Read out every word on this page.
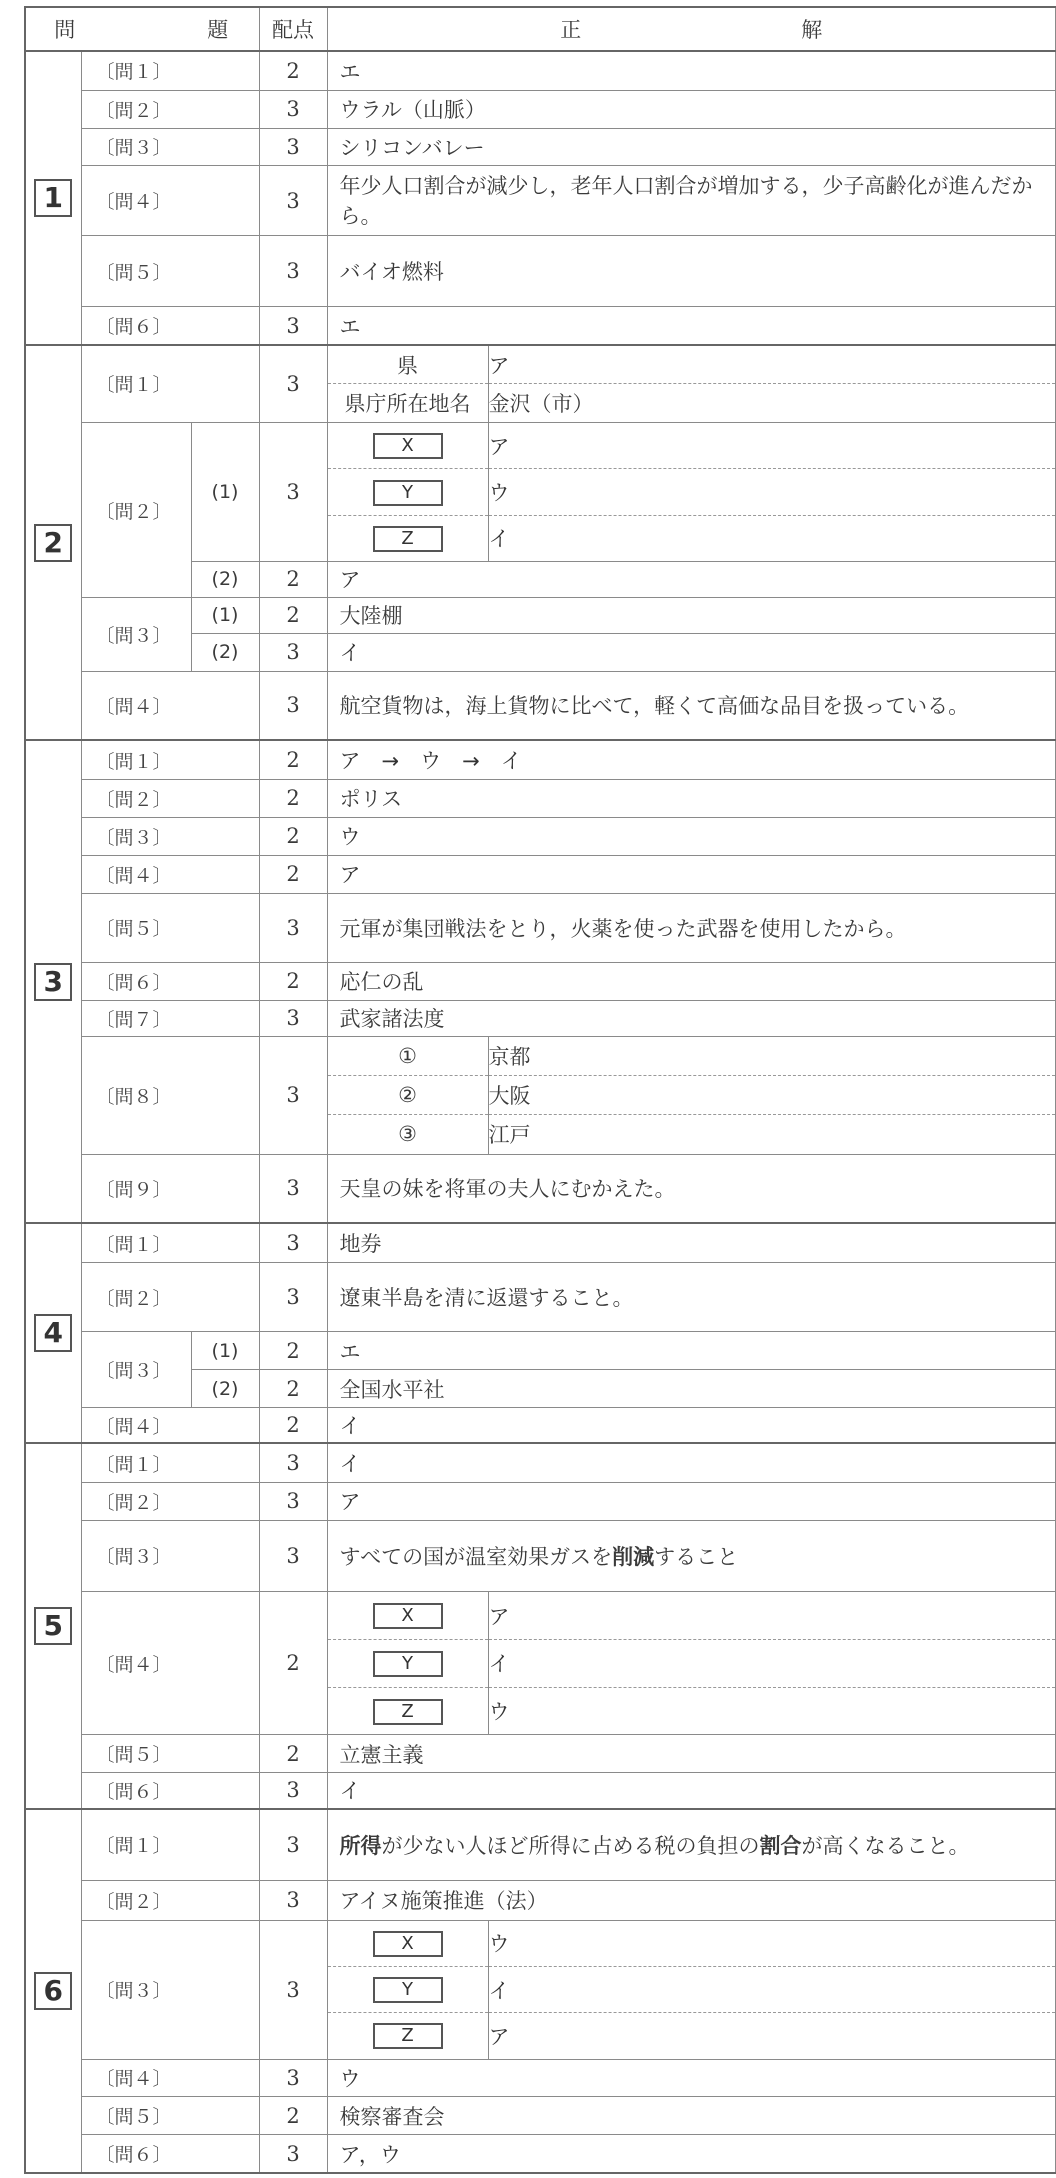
問	題	配点	正	解
1	〔問１〕	2	エ
〔問２〕	3	ウラル（山脈）
〔問３〕	3	シリコンバレー
〔問４〕	3	年少人口割合が減少し，老年人口割合が増加する，少子高齢化が進んだから。
〔問５〕	3	バイオ燃料
〔問６〕	3	エ
2	〔問１〕	3	
県	ア
県庁所在地名	金沢（市）

〔問２〕	(1)	3	
X	ア
Y	ウ
Z	イ

(2)	2	ア
〔問３〕	(1)	2	大陸棚
(2)	3	イ
〔問４〕	3	航空貨物は，海上貨物に比べて，軽くて高価な品目を扱っている。
3	〔問１〕	2	ア　→　ウ　→　イ
〔問２〕	2	ポリス
〔問３〕	2	ウ
〔問４〕	2	ア
〔問５〕	3	元軍が集団戦法をとり，火薬を使った武器を使用したから。
〔問６〕	2	応仁の乱
〔問７〕	3	武家諸法度
〔問８〕	3	
①	京都
②	大阪
③	江戸

〔問９〕	3	天皇の妹を将軍の夫人にむかえた。
4	〔問１〕	3	地券
〔問２〕	3	遼東半島を清に返還すること。
〔問３〕	(1)	2	エ
(2)	2	全国水平社
〔問４〕	2	イ
5	〔問１〕	3	イ
〔問２〕	3	ア
〔問３〕	3	すべての国が温室効果ガスを削減すること
〔問４〕	2	
X	ア
Y	イ
Z	ウ

〔問５〕	2	立憲主義
〔問６〕	3	イ
6	〔問１〕	3	所得が少ない人ほど所得に占める税の負担の割合が高くなること。
〔問２〕	3	アイヌ施策推進（法）
〔問３〕	3	
X	ウ
Y	イ
Z	ア

〔問４〕	3	ウ
〔問５〕	2	検察審査会
〔問６〕	3	ア，ウ
